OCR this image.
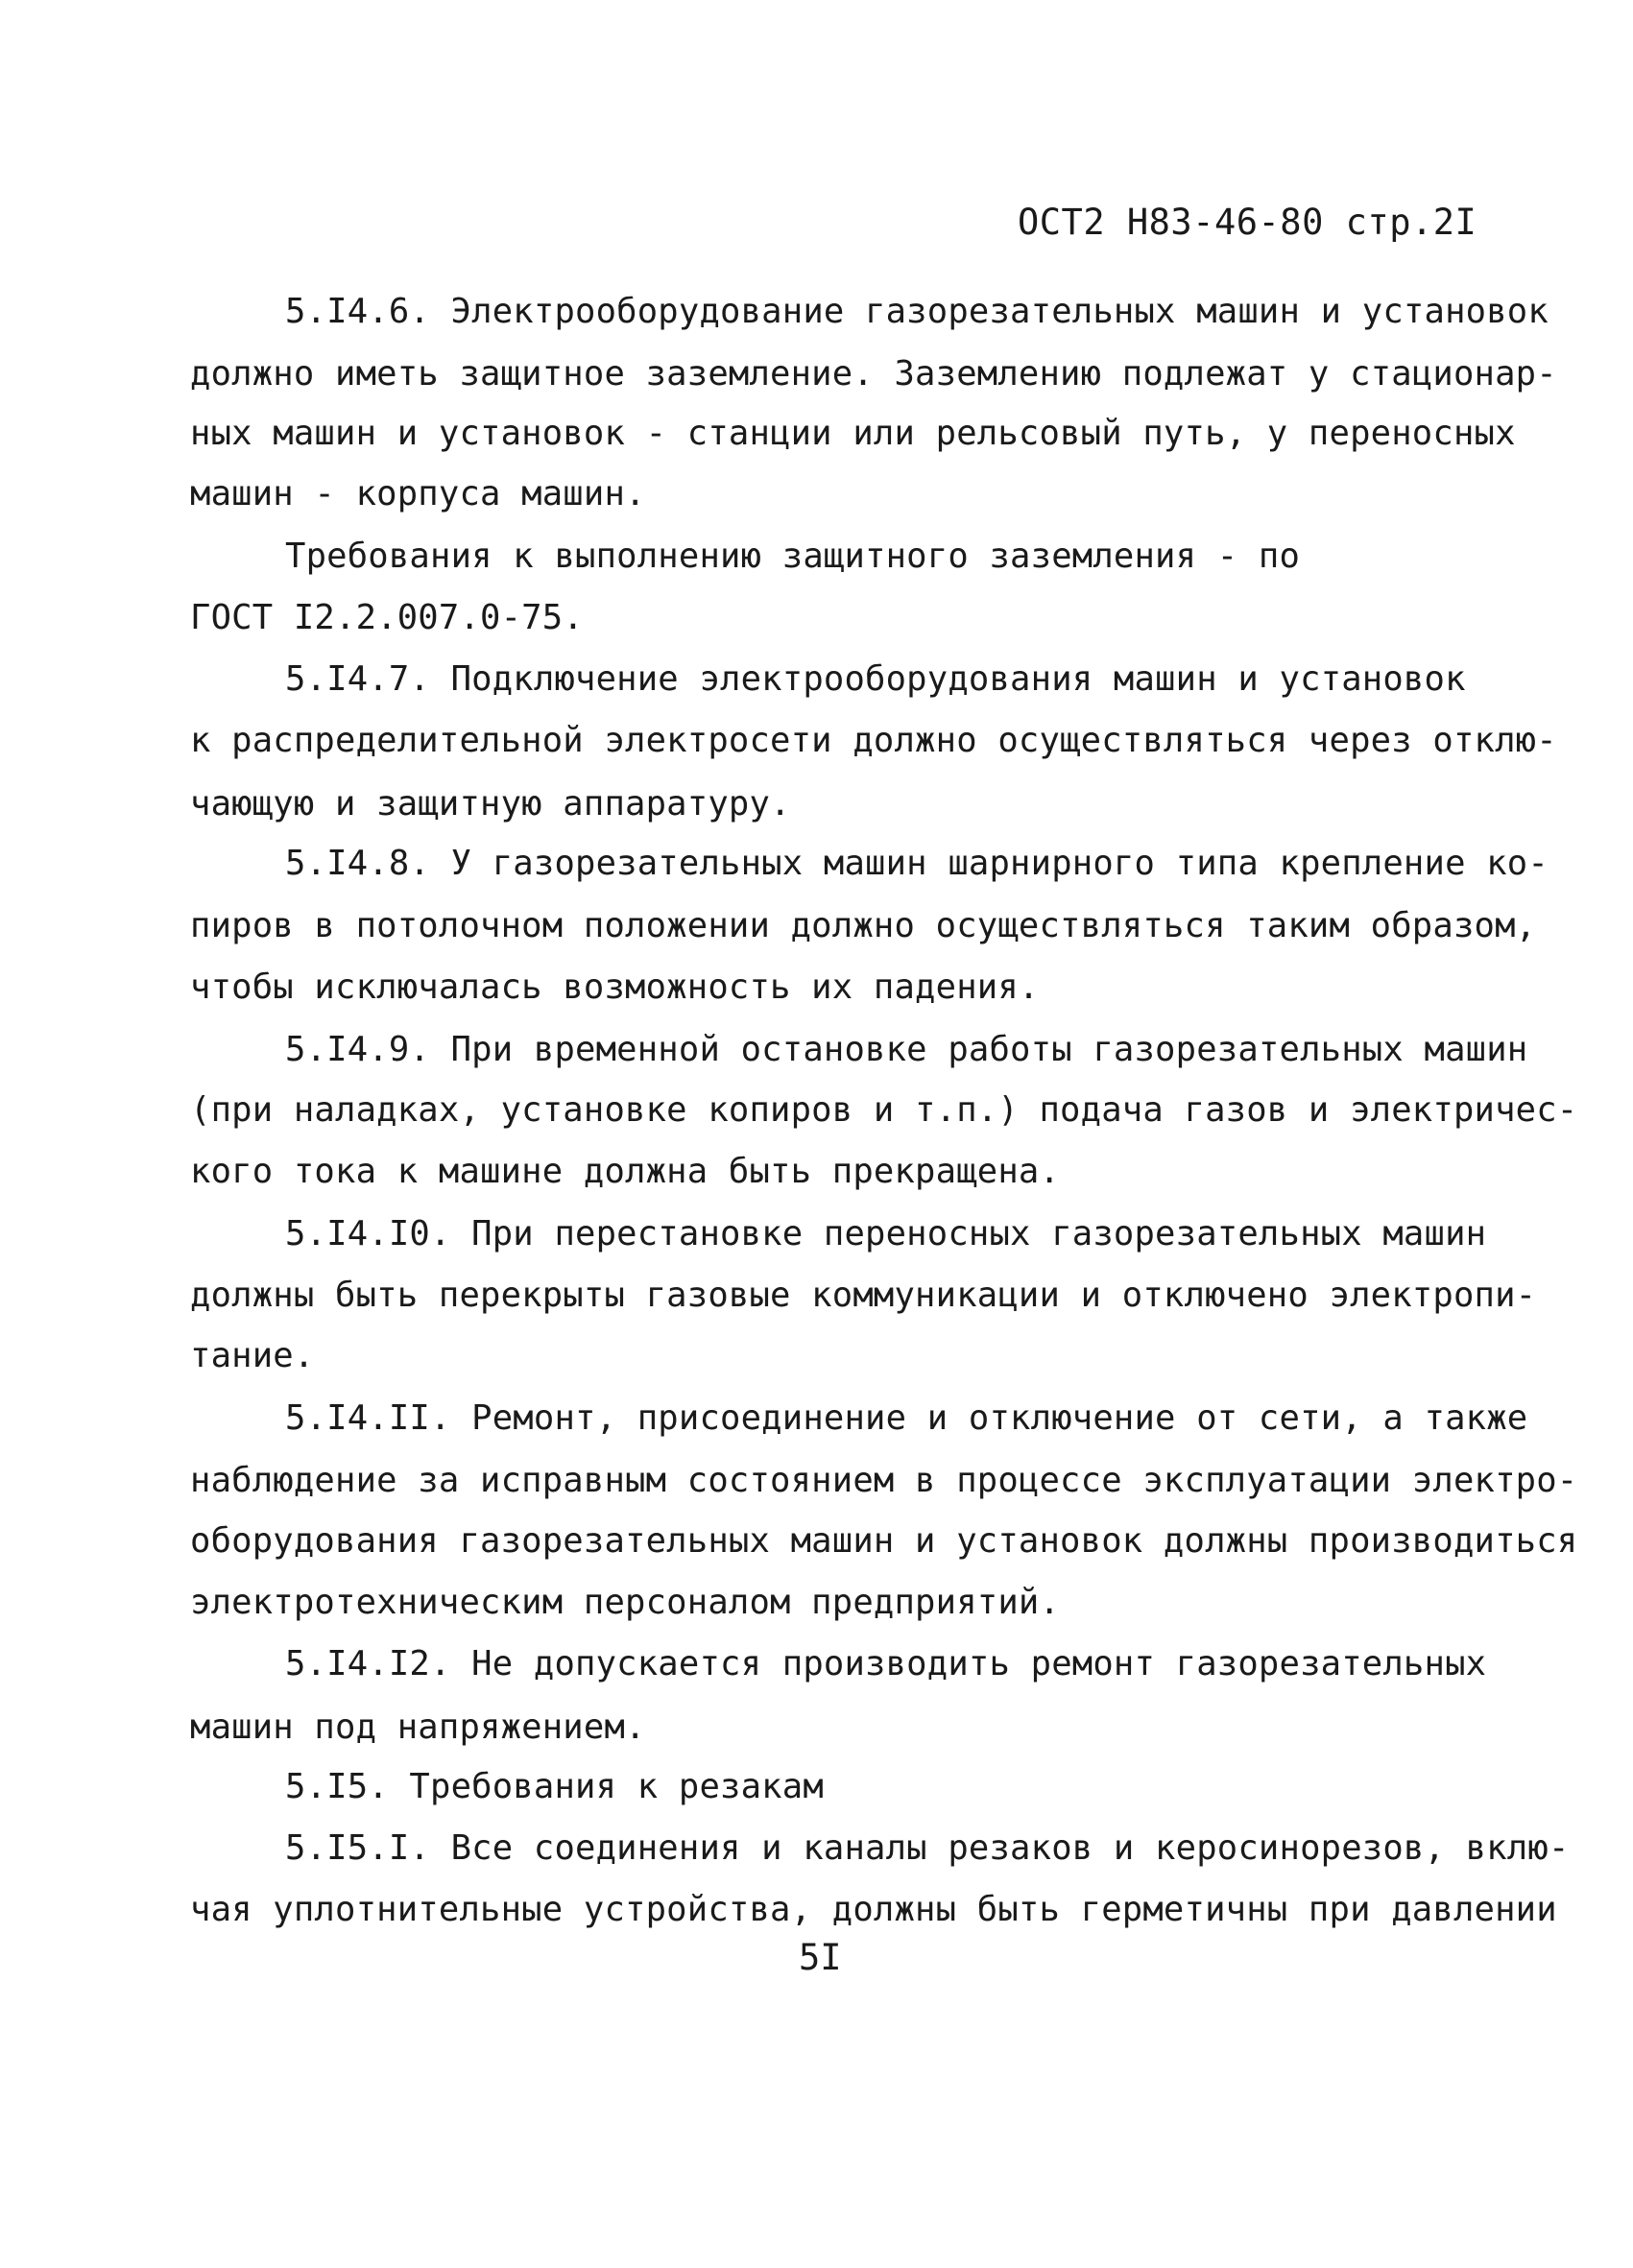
ОСТ2 Н83-46-80 стр.2I
5.I4.6. Электрооборудование газорезательных машин и установок
должно иметь защитное заземление. Заземлению подлежат у стационар-
ных машин и установок - станции или рельсовый путь, у переносных
машин - корпуса машин.
Требования к выполнению защитного заземления - по
ГОСТ I2.2.007.0-75.
5.I4.7. Подключение электрооборудования машин и установок
к распределительной электросети должно осуществляться через отклю-
чающую и защитную аппаратуру.
5.I4.8. У газорезательных машин шарнирного типа крепление ко-
пиров в потолочном положении должно осуществляться таким образом,
чтобы исключалась возможность их падения.
5.I4.9. При временной остановке работы газорезательных машин
(при наладках, установке копиров и т.п.) подача газов и электричес-
кого тока к машине должна быть прекращена.
5.I4.I0. При перестановке переносных газорезательных машин
должны быть перекрыты газовые коммуникации и отключено электропи-
тание.
5.I4.II. Ремонт, присоединение и отключение от сети, а также
наблюдение за исправным состоянием в процессе эксплуатации электро-
оборудования газорезательных машин и установок должны производиться
электротехническим персоналом предприятий.
5.I4.I2. Не допускается производить ремонт газорезательных
машин под напряжением.
5.I5. Требования к резакам
5.I5.I. Все соединения и каналы резаков и керосинорезов, вклю-
чая уплотнительные устройства, должны быть герметичны при давлении
5I
